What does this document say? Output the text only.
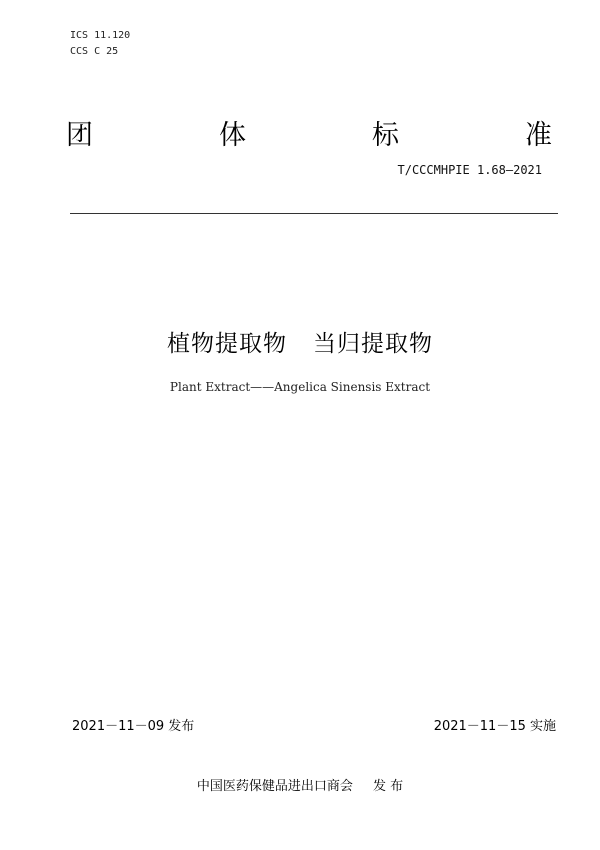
ICS 11.120
CCS C 25
团	体	标	准
T/CCCMHPIE 1.68—2021
植物提取物 当归提取物
Plant Extract——Angelica Sinensis Extract
2021－11－09 发布	2021－11－15 实施
中国医药保健品进出口商会 发 布
